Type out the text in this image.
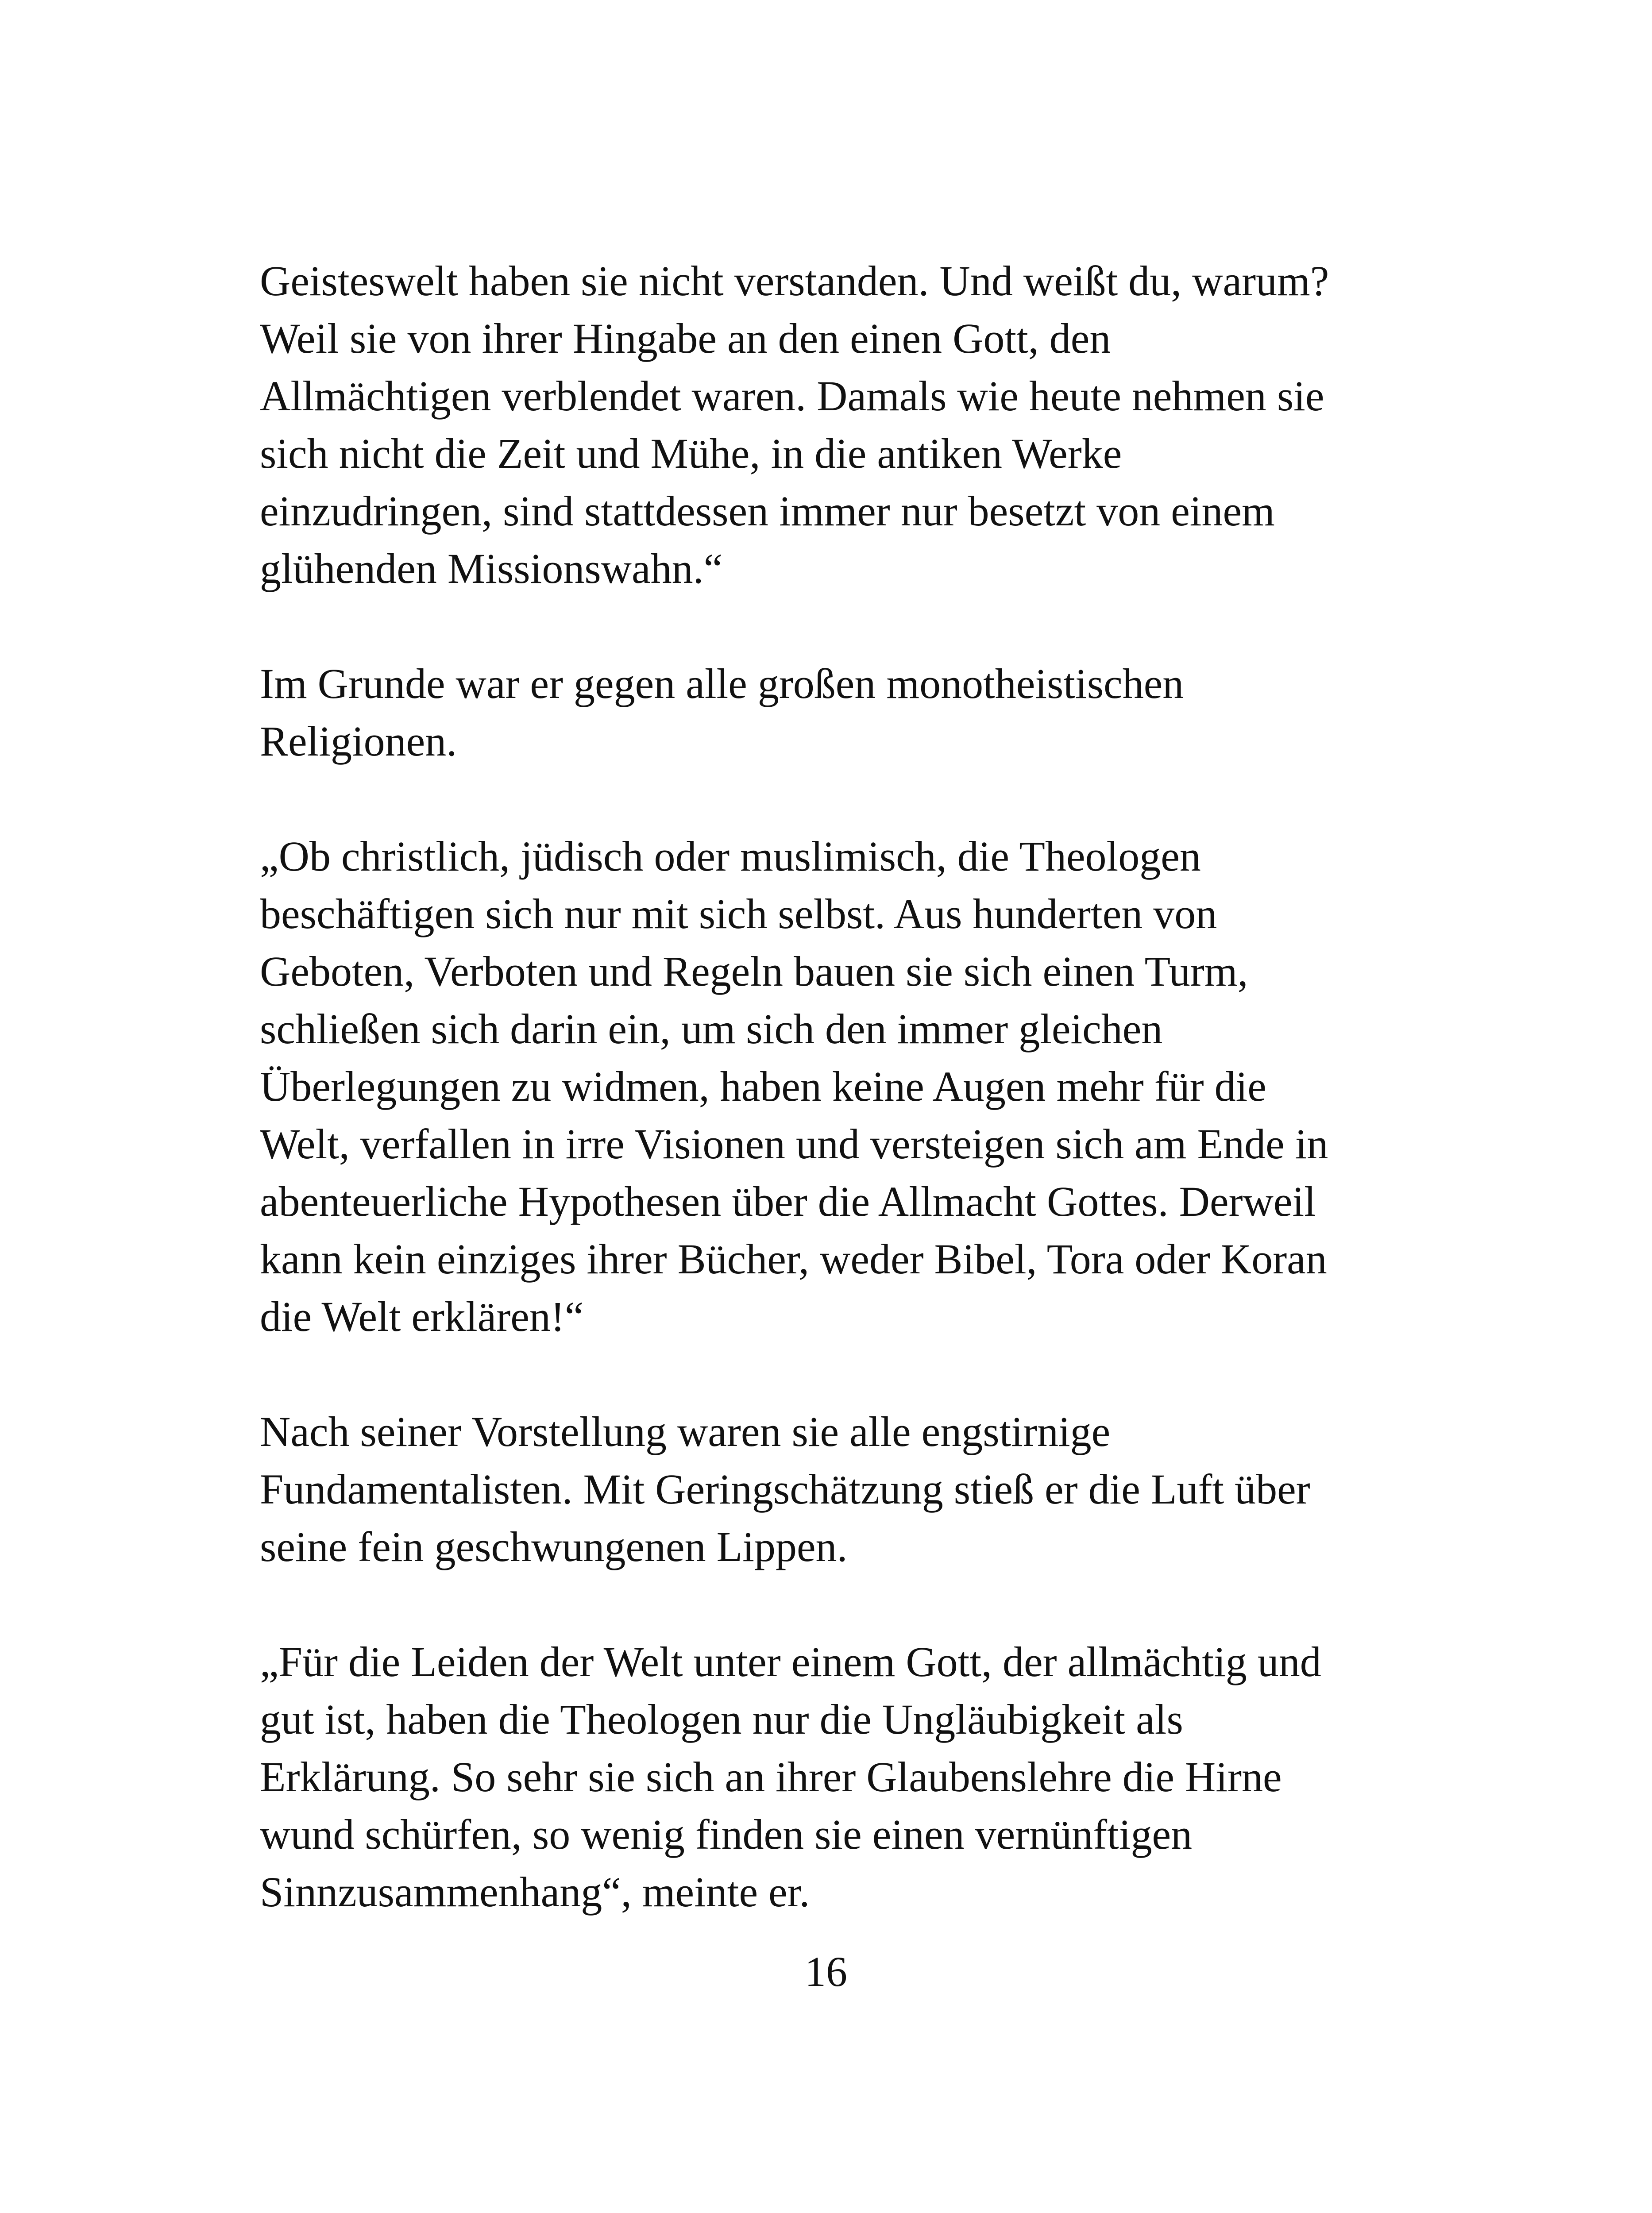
Geisteswelt haben sie nicht verstanden. Und weißt du, warum?
Weil sie von ihrer Hingabe an den einen Gott, den
Allmächtigen verblendet waren. Damals wie heute nehmen sie
sich nicht die Zeit und Mühe, in die antiken Werke
einzudringen, sind stattdessen immer nur besetzt von einem
glühenden Missionswahn.“

Im Grunde war er gegen alle großen monotheistischen
Religionen.

„Ob christlich, jüdisch oder muslimisch, die Theologen
beschäftigen sich nur mit sich selbst. Aus hunderten von
Geboten, Verboten und Regeln bauen sie sich einen Turm,
schließen sich darin ein, um sich den immer gleichen
Überlegungen zu widmen, haben keine Augen mehr für die
Welt, verfallen in irre Visionen und versteigen sich am Ende in
abenteuerliche Hypothesen über die Allmacht Gottes. Derweil
kann kein einziges ihrer Bücher, weder Bibel, Tora oder Koran
die Welt erklären!“

Nach seiner Vorstellung waren sie alle engstirnige
Fundamentalisten. Mit Geringschätzung stieß er die Luft über
seine fein geschwungenen Lippen.

„Für die Leiden der Welt unter einem Gott, der allmächtig und
gut ist, haben die Theologen nur die Ungläubigkeit als
Erklärung. So sehr sie sich an ihrer Glaubenslehre die Hirne
wund schürfen, so wenig finden sie einen vernünftigen
Sinnzusammenhang“, meinte er.

16
